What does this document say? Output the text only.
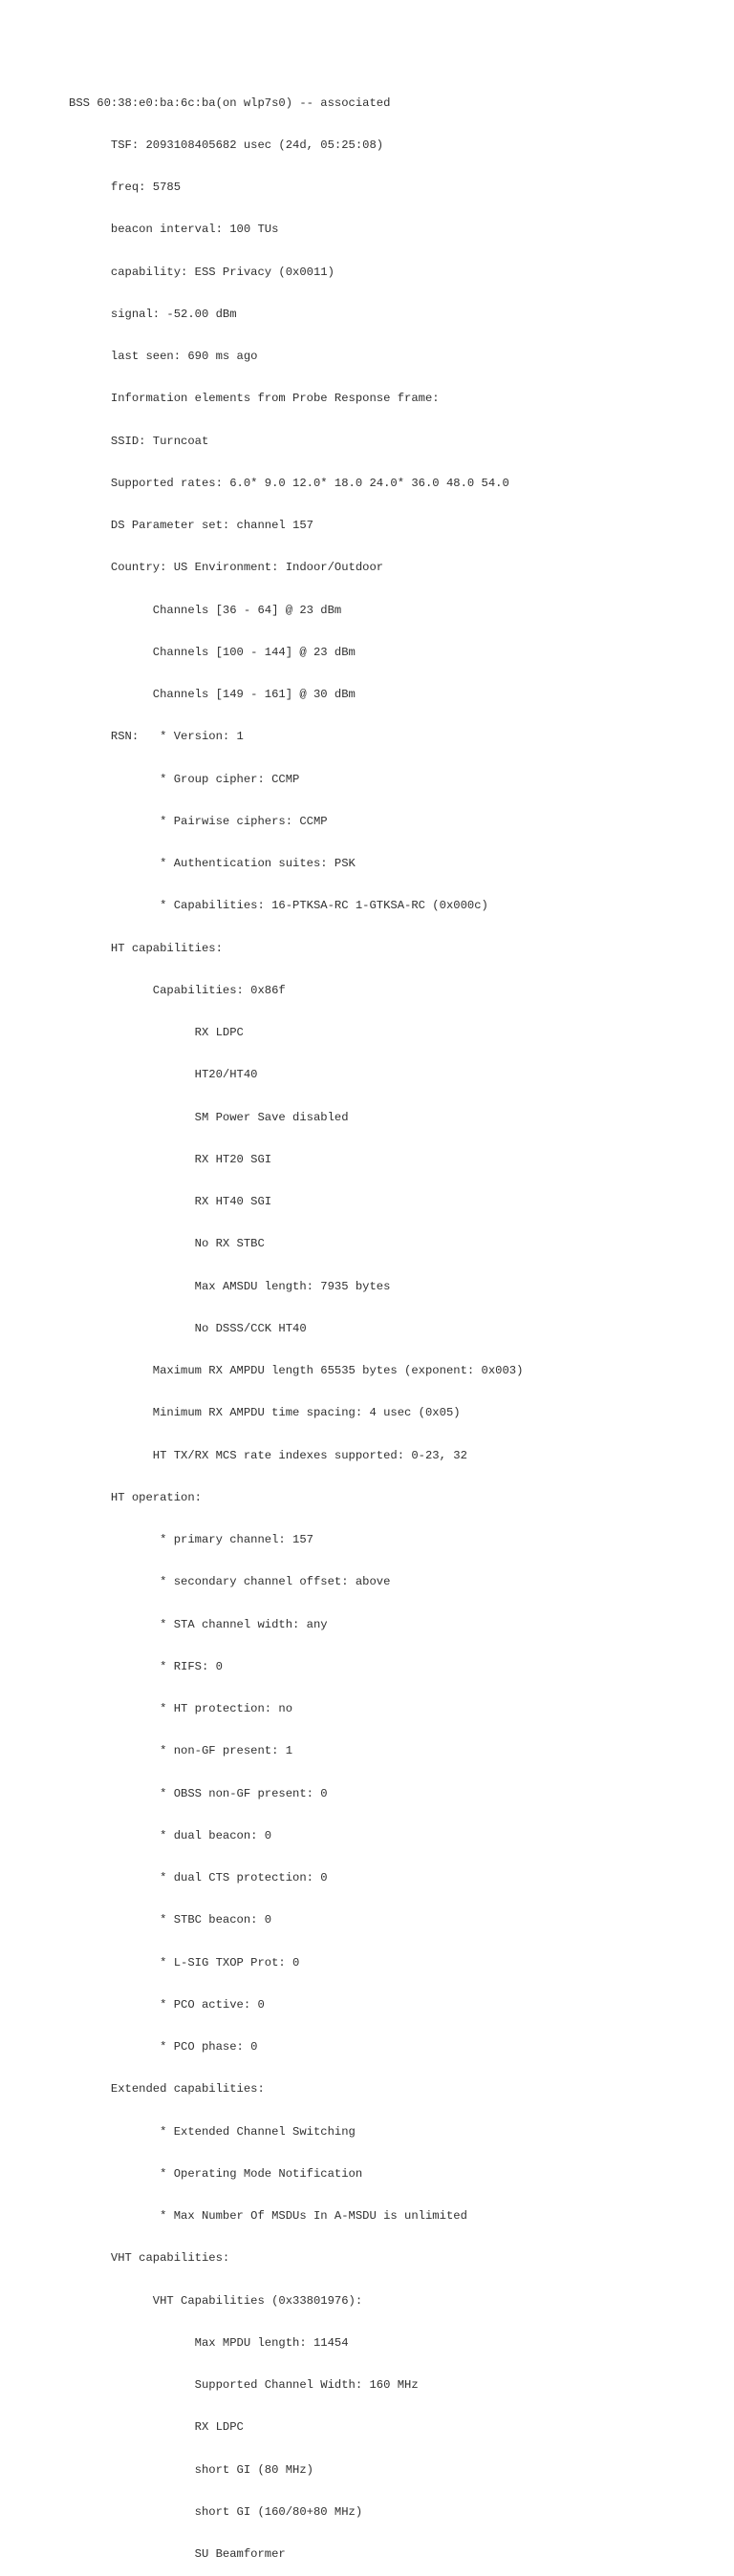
BSS 60:38:e0:ba:6c:ba(on wlp7s0) -- associated

TSF: 2093108405682 usec (24d, 05:25:08)

freq: 5785

beacon interval: 100 TUs

capability: ESS Privacy (0x0011)

signal: -52.00 dBm

last seen: 690 ms ago

Information elements from Probe Response frame:

SSID: Turncoat

Supported rates: 6.0* 9.0 12.0* 18.0 24.0* 36.0 48.0 54.0

DS Parameter set: channel 157

Country: US Environment: Indoor/Outdoor

Channels [36 - 64] @ 23 dBm

Channels [100 - 144] @ 23 dBm

Channels [149 - 161] @ 30 dBm

RSN:   * Version: 1

* Group cipher: CCMP

* Pairwise ciphers: CCMP

* Authentication suites: PSK

* Capabilities: 16-PTKSA-RC 1-GTKSA-RC (0x000c)

HT capabilities:

Capabilities: 0x86f

RX LDPC

HT20/HT40

SM Power Save disabled

RX HT20 SGI

RX HT40 SGI

No RX STBC

Max AMSDU length: 7935 bytes

No DSSS/CCK HT40

Maximum RX AMPDU length 65535 bytes (exponent: 0x003)

Minimum RX AMPDU time spacing: 4 usec (0x05)

HT TX/RX MCS rate indexes supported: 0-23, 32

HT operation:

* primary channel: 157

* secondary channel offset: above

* STA channel width: any

* RIFS: 0

* HT protection: no

* non-GF present: 1

* OBSS non-GF present: 0

* dual beacon: 0

* dual CTS protection: 0

* STBC beacon: 0

* L-SIG TXOP Prot: 0

* PCO active: 0

* PCO phase: 0

Extended capabilities:

* Extended Channel Switching

* Operating Mode Notification

* Max Number Of MSDUs In A-MSDU is unlimited

VHT capabilities:

VHT Capabilities (0x33801976):

Max MPDU length: 11454

Supported Channel Width: 160 MHz

RX LDPC

short GI (80 MHz)

short GI (160/80+80 MHz)

SU Beamformer
